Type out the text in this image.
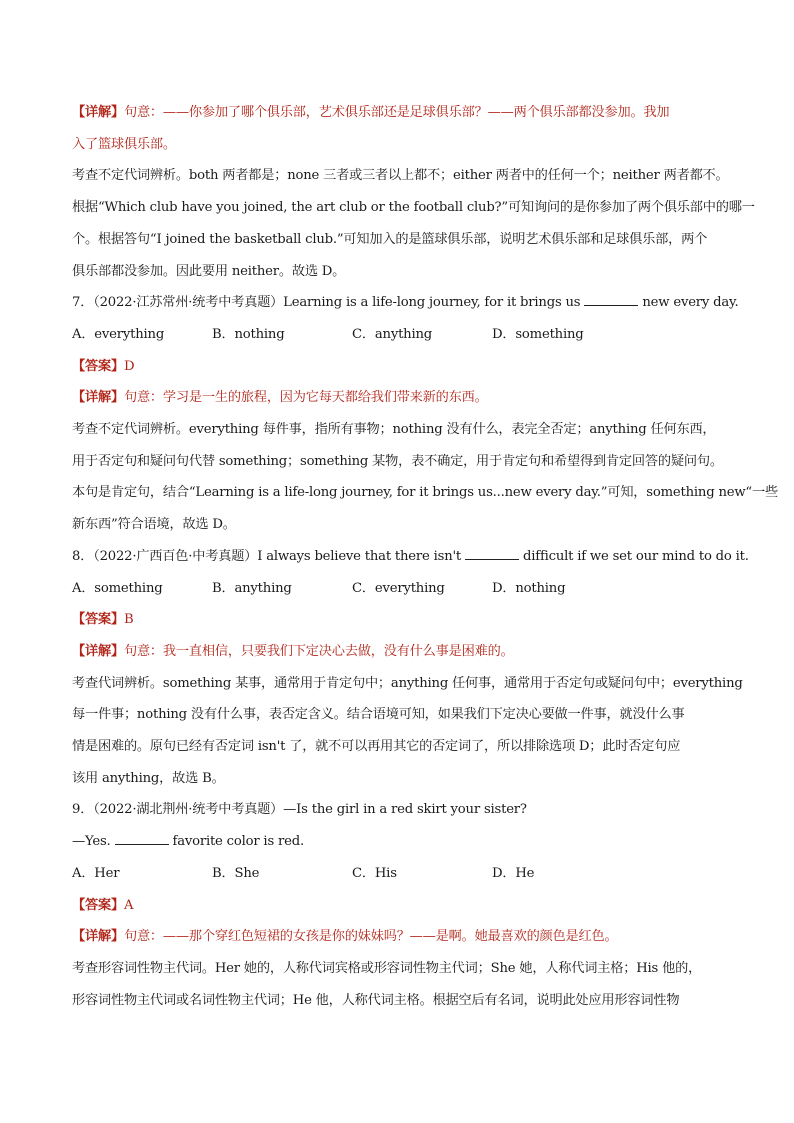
【详解】句意：——你参加了哪个俱乐部，艺术俱乐部还是足球俱乐部？——两个俱乐部都没参加。我加
入了篮球俱乐部。
考查不定代词辨析。both 两者都是；none 三者或三者以上都不；either 两者中的任何一个；neither 两者都不。
根据“Which club have you joined, the art club or the football club?”可知询问的是你参加了两个俱乐部中的哪一
个。根据答句“I joined the basketball club.”可知加入的是篮球俱乐部，说明艺术俱乐部和足球俱乐部，两个
俱乐部都没参加。因此要用 neither。故选 D。
7．（2022·江苏常州·统考中考真题）Learning is a life-long journey, for it brings us	new every day.
A．everything	B．nothing	C．anything	D．something
【答案】D
【详解】句意：学习是一生的旅程，因为它每天都给我们带来新的东西。
考查不定代词辨析。everything 每件事，指所有事物；nothing 没有什么，表完全否定；anything 任何东西，
用于否定句和疑问句代替 something；something 某物，表不确定，用于肯定句和希望得到肯定回答的疑问句。
本句是肯定句，结合“Learning is a life-long journey, for it brings us...new every day.”可知，something new“一些
新东西”符合语境，故选 D。
8．（2022·广西百色·中考真题）I always believe that there isn't	difficult if we set our mind to do it.
A．something	B．anything	C．everything	D．nothing
【答案】B
【详解】句意：我一直相信，只要我们下定决心去做，没有什么事是困难的。
考查代词辨析。something 某事，通常用于肯定句中；anything 任何事，通常用于否定句或疑问句中；everything
每一件事；nothing 没有什么事，表否定含义。结合语境可知，如果我们下定决心要做一件事，就没什么事
情是困难的。原句已经有否定词 isn't 了，就不可以再用其它的否定词了，所以排除选项 D；此时否定句应
该用 anything，故选 B。
9．（2022·湖北荆州·统考中考真题）—Is the girl in a red skirt your sister?
—Yes.	favorite color is red.
A．Her	B．She	C．His	D．He
【答案】A
【详解】句意：——那个穿红色短裙的女孩是你的妹妹吗？——是啊。她最喜欢的颜色是红色。
考查形容词性物主代词。Her 她的，人称代词宾格或形容词性物主代词；She 她，人称代词主格；His 他的，
形容词性物主代词或名词性物主代词；He 他，人称代词主格。根据空后有名词，说明此处应用形容词性物
